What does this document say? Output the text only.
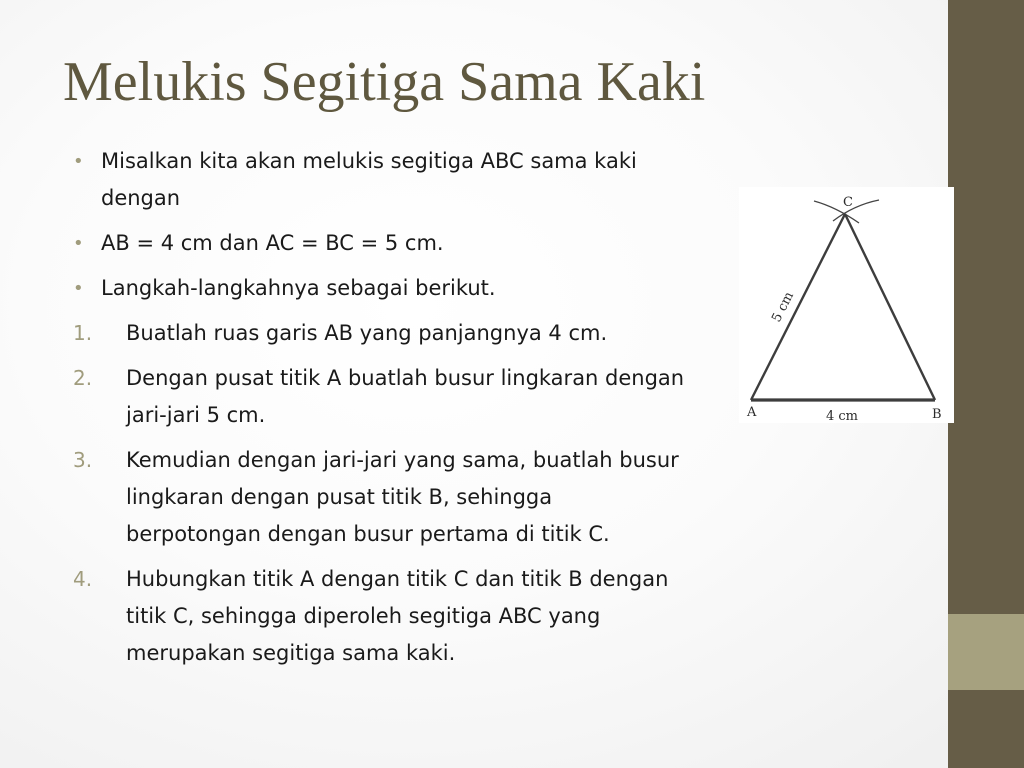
Melukis Segitiga Sama Kaki
• Misalkan kita akan melukis segitiga ABC sama kaki dengan
• AB = 4 cm dan AC = BC = 5 cm.
• Langkah-langkahnya sebagai berikut.
1. Buatlah ruas garis AB yang panjangnya 4 cm.
2. Dengan pusat titik A buatlah busur lingkaran dengan jari-jari 5 cm.
3. Kemudian dengan jari-jari yang sama, buatlah busur lingkaran dengan pusat titik B, sehingga berpotongan dengan busur pertama di titik C.
4. Hubungkan titik A dengan titik C dan titik B dengan titik C, sehingga diperoleh segitiga ABC yang merupakan segitiga sama kaki.
C
A	B
4 cm
5 cm
